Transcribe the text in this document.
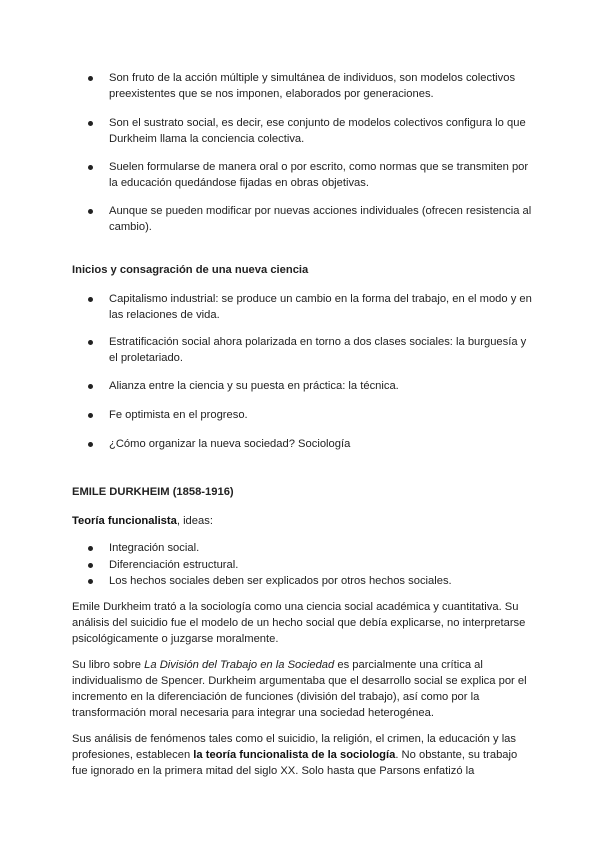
Son fruto de la acción múltiple y simultánea de individuos, son modelos colectivos preexistentes que se nos imponen, elaborados por generaciones.
Son el sustrato social, es decir, ese conjunto de modelos colectivos configura lo que Durkheim llama la conciencia colectiva.
Suelen formularse de manera oral o por escrito, como normas que se transmiten por la educación quedándose fijadas en obras objetivas.
Aunque se pueden modificar por nuevas acciones individuales (ofrecen resistencia al cambio).
Inicios y consagración de una nueva ciencia
Capitalismo industrial: se produce un cambio en la forma del trabajo, en el modo y en las relaciones de vida.
Estratificación social ahora polarizada en torno a dos clases sociales: la burguesía y el proletariado.
Alianza entre la ciencia y su puesta en práctica: la técnica.
Fe optimista en el progreso.
¿Cómo organizar la nueva sociedad? Sociología
EMILE DURKHEIM (1858-1916)
Teoría funcionalista, ideas:
Integración social.
Diferenciación estructural.
Los hechos sociales deben ser explicados por otros hechos sociales.
Emile Durkheim trató a la sociología como una ciencia social académica y cuantitativa. Su análisis del suicidio fue el modelo de un hecho social que debía explicarse, no interpretarse psicológicamente o juzgarse moralmente.
Su libro sobre La División del Trabajo en la Sociedad es parcialmente una crítica al individualismo de Spencer. Durkheim argumentaba que el desarrollo social se explica por el incremento en la diferenciación de funciones (división del trabajo), así como por la transformación moral necesaria para integrar una sociedad heterogénea.
Sus análisis de fenómenos tales como el suicidio, la religión, el crimen, la educación y las profesiones, establecen la teoría funcionalista de la sociología. No obstante, su trabajo fue ignorado en la primera mitad del siglo XX. Solo hasta que Parsons enfatizó la
